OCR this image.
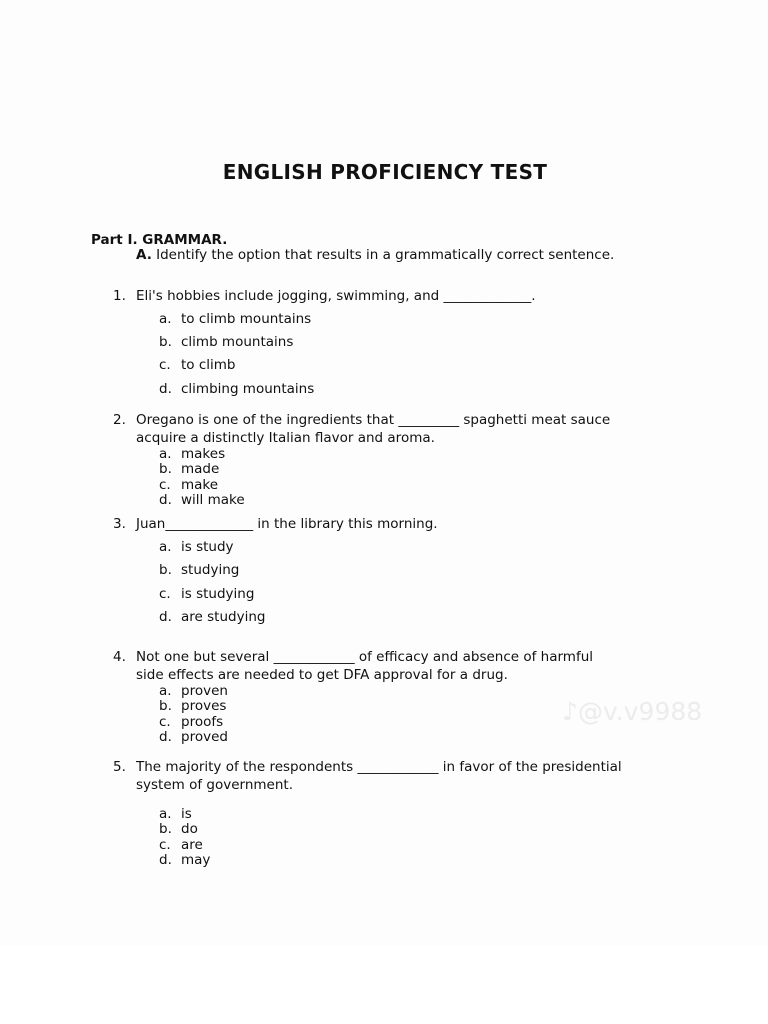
ENGLISH PROFICIENCY TEST
Part I. GRAMMAR.
A. Identify the option that results in a grammatically correct sentence.
1. Eli's hobbies include jogging, swimming, and _____________.
a. to climb mountains
b. climb mountains
c. to climb
d. climbing mountains
2. Oregano is one of the ingredients that _________ spaghetti meat sauce
acquire a distinctly Italian flavor and aroma.
a. makes
b. made
c. make
d. will make
3. Juan_____________ in the library this morning.
a. is study
b. studying
c. is studying
d. are studying
4. Not one but several ____________ of efficacy and absence of harmful
side effects are needed to get DFA approval for a drug.
a. proven
b. proves
c. proofs
d. proved
5. The majority of the respondents ____________ in favor of the presidential
system of government.
a. is
b. do
c. are
d. may
♪@v.v9988
